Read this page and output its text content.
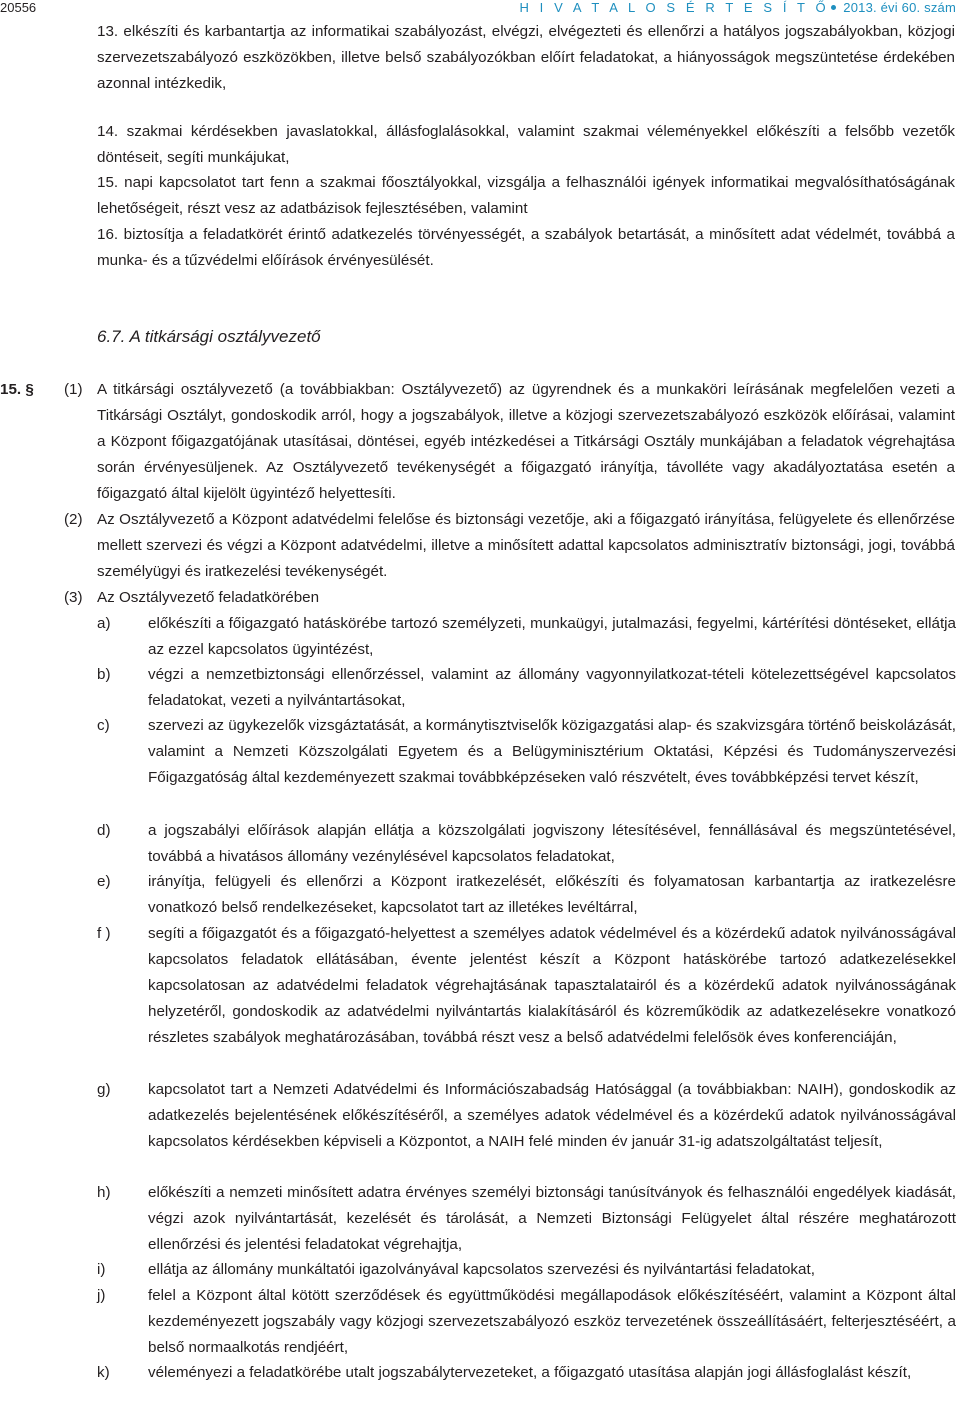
20556	H I V A T A L O S É R T E S Í T Ő 2013. évi 60. szám
13. elkészíti és karbantartja az informatikai szabályozást, elvégzi, elvégezteti és ellenőrzi a hatályos jogszabályokban, közjogi szervezetszabályozó eszközökben, illetve belső szabályozókban előírt feladatokat, a hiányosságok megszüntetése érdekében azonnal intézkedik,
14. szakmai kérdésekben javaslatokkal, állásfoglalásokkal, valamint szakmai véleményekkel előkészíti a felsőbb vezetők döntéseit, segíti munkájukat,
15. napi kapcsolatot tart fenn a szakmai főosztályokkal, vizsgálja a felhasználói igények informatikai megvalósíthatóságának lehetőségeit, részt vesz az adatbázisok fejlesztésében, valamint
16. biztosítja a feladatkörét érintő adatkezelés törvényességét, a szabályok betartását, a minősített adat védelmét, továbbá a munka- és a tűzvédelmi előírások érvényesülését.
6.7. A titkársági osztályvezető
15. § (1) A titkársági osztályvezető (a továbbiakban: Osztályvezető) az ügyrendnek és a munkaköri leírásának megfelelően vezeti a Titkársági Osztályt, gondoskodik arról, hogy a jogszabályok, illetve a közjogi szervezetszabályozó eszközök előírásai, valamint a Központ főigazgatójának utasításai, döntései, egyéb intézkedései a Titkársági Osztály munkájában a feladatok végrehajtása során érvényesüljenek. Az Osztályvezető tevékenységét a főigazgató irányítja, távolléte vagy akadályoztatása esetén a főigazgató által kijelölt ügyintéző helyettesíti.
(2) Az Osztályvezető a Központ adatvédelmi felelőse és biztonsági vezetője, aki a főigazgató irányítása, felügyelete és ellenőrzése mellett szervezi és végzi a Központ adatvédelmi, illetve a minősített adattal kapcsolatos adminisztratív biztonsági, jogi, továbbá személyügyi és iratkezelési tevékenységét.
(3) Az Osztályvezető feladatkörében
a) előkészíti a főigazgató hatáskörébe tartozó személyzeti, munkaügyi, jutalmazási, fegyelmi, kártérítési döntéseket, ellátja az ezzel kapcsolatos ügyintézést,
b) végzi a nemzetbiztonsági ellenőrzéssel, valamint az állomány vagyonnyilatkozat-tételi kötelezettségével kapcsolatos feladatokat, vezeti a nyilvántartásokat,
c)	szervezi az ügykezelők vizsgáztatását, a kormánytisztviselők közigazgatási alap- és szakvizsgára történő beiskolázását, valamint a Nemzeti Közszolgálati Egyetem és a Belügyminisztérium Oktatási, Képzési és Tudományszervezési Főigazgatóság által kezdeményezett szakmai továbbképzéseken való részvételt, éves továbbképzési tervet készít,
d) a jogszabályi előírások alapján ellátja a közszolgálati jogviszony létesítésével, fennállásával és megszüntetésével, továbbá a hivatásos állomány vezénylésével kapcsolatos feladatokat,
e) irányítja, felügyeli és ellenőrzi a Központ iratkezelését, előkészíti és folyamatosan karbantartja az iratkezelésre vonatkozó belső rendelkezéseket, kapcsolatot tart az illetékes levéltárral,
f ) segíti a főigazgatót és a főigazgató-helyettest a személyes adatok védelmével és a közérdekű adatok nyilvánosságával kapcsolatos feladatok ellátásában, évente jelentést készít a Központ hatáskörébe tartozó adatkezelésekkel kapcsolatosan az adatvédelmi feladatok végrehajtásának tapasztalatairól és a közérdekű adatok nyilvánosságának helyzetéről, gondoskodik az adatvédelmi nyilvántartás kialakításáról és közreműködik az adatkezelésekre vonatkozó részletes szabályok meghatározásában, továbbá részt vesz a belső adatvédelmi felelősök éves konferenciáján,
g) kapcsolatot tart a Nemzeti Adatvédelmi és Információszabadság Hatósággal (a továbbiakban: NAIH), gondoskodik az adatkezelés bejelentésének előkészítéséről, a személyes adatok védelmével és a közérdekű adatok nyilvánosságával kapcsolatos kérdésekben képviseli a Központot, a NAIH felé minden év január 31-ig adatszolgáltatást teljesít,
h) előkészíti a nemzeti minősített adatra érvényes személyi biztonsági tanúsítványok és felhasználói engedélyek kiadását, végzi azok nyilvántartását, kezelését és tárolását, a Nemzeti Biztonsági Felügyelet által részére meghatározott ellenőrzési és jelentési feladatokat végrehajtja,
i)	ellátja az állomány munkáltatói igazolványával kapcsolatos szervezési és nyilvántartási feladatokat,
j)	felel a Központ által kötött szerződések és együttműködési megállapodások előkészítéséért, valamint a Központ által kezdeményezett jogszabály vagy közjogi szervezetszabályozó eszköz tervezetének összeállításáért, felterjesztéséért, a belső normaalkotás rendjéért,
k)	véleményezi a feladatkörébe utalt jogszabálytervezeteket, a főigazgató utasítása alapján jogi állásfoglalást készít,
